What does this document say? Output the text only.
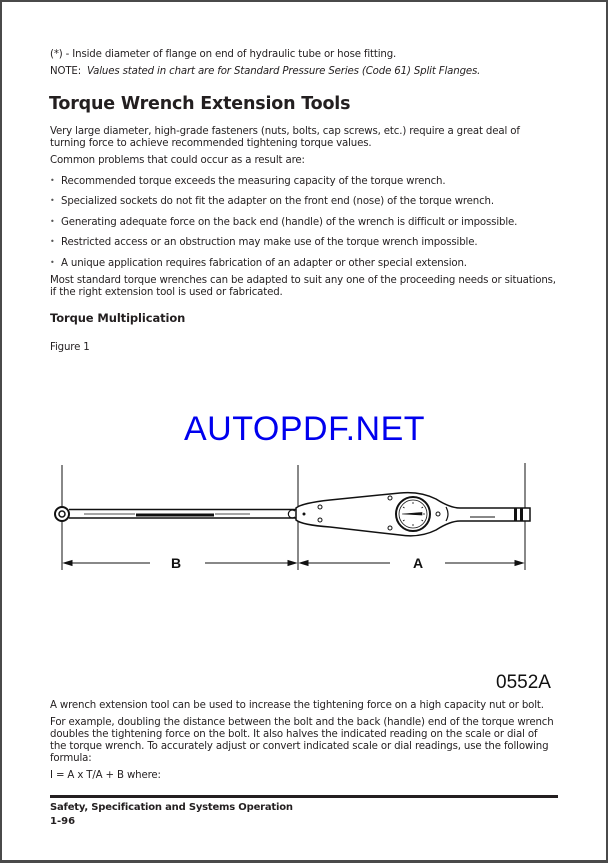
(*) - Inside diameter of flange on end of hydraulic tube or hose fitting.
NOTE: Values stated in chart are for Standard Pressure Series (Code 61) Split Flanges.
Torque Wrench Extension Tools
Very large diameter, high-grade fasteners (nuts, bolts, cap screws, etc.) require a great deal of
turning force to achieve recommended tightening torque values.
Common problems that could occur as a result are:
• Recommended torque exceeds the measuring capacity of the torque wrench.
• Specialized sockets do not fit the adapter on the front end (nose) of the torque wrench.
• Generating adequate force on the back end (handle) of the wrench is difficult or impossible.
• Restricted access or an obstruction may make use of the torque wrench impossible.
• A unique application requires fabrication of an adapter or other special extension.
Most standard torque wrenches can be adapted to suit any one of the proceeding needs or situations,
if the right extension tool is used or fabricated.
Torque Multiplication
Figure 1
AUTOPDF.NET
B	A
0552A
A wrench extension tool can be used to increase the tightening force on a high capacity nut or bolt.
For example, doubling the distance between the bolt and the back (handle) end of the torque wrench
doubles the tightening force on the bolt. It also halves the indicated reading on the scale or dial of
the torque wrench. To accurately adjust or convert indicated scale or dial readings, use the following
formula:
I = A x T/A + B where:
Safety, Specification and Systems Operation
1-96
